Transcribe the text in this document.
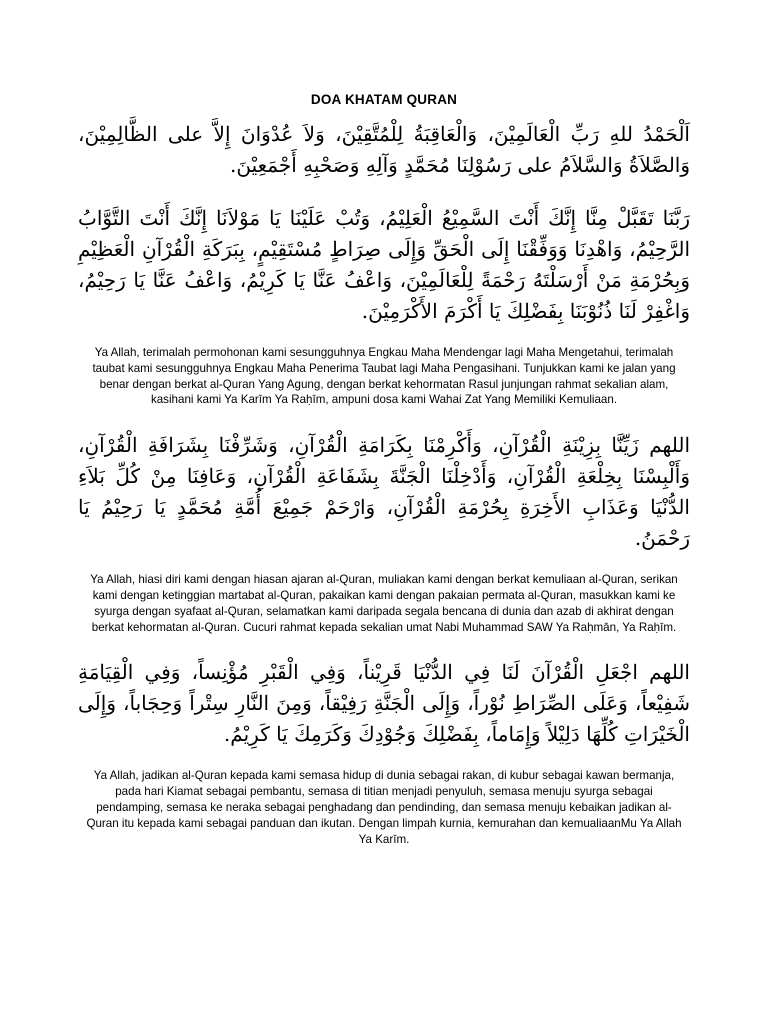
DOA KHATAM QURAN

اَلْحَمْدُ للهِ رَبِّ الْعَالَمِيْنَ، وَالْعَاقِبَةُ لِلْمُتَّقِيْنَ، وَلاَ عُدْوَانَ إِلاَّ على الظَّالِمِيْنَ، وَالصَّلاَةُ وَالسَّلاَمُ على رَسُوْلِنَا مُحَمَّدٍ وَآلِهِ وَصَحْبِهِ أَجْمَعِيْنَ.

رَبَّنَا تَقَبَّلْ مِنَّا إِنَّكَ أَنْتَ السَّمِيْعُ الْعَلِيْمُ، وَتُبْ عَلَيْنَا يَا مَوْلاَنَا إِنَّكَ أَنْتَ التَّوَّابُ الرَّحِيْمُ، وَاهْدِنَا وَوَفِّقْنَا إِلَى الْحَقِّ وَإِلَى صِرَاطٍ مُسْتَقِيْمٍ، بِبَرَكَةِ الْقُرْآنِ الْعَظِيْمِ وَبِحُرْمَةِ مَنْ أَرْسَلْتَهُ رَحْمَةً لِلْعَالَمِيْنَ، وَاعْفُ عَنَّا يَا كَرِيْمُ، وَاعْفُ عَنَّا يَا رَحِيْمُ، وَاغْفِرْ لَنَا ذُنُوْبَنَا بِفَضْلِكَ يَا أَكْرَمَ الأَكْرَمِيْنَ.

Ya Allah, terimalah permohonan kami sesungguhnya Engkau Maha Mendengar lagi Maha Mengetahui, terimalah taubat kami sesungguhnya Engkau Maha Penerima Taubat lagi Maha Pengasihani. Tunjukkan kami ke jalan yang benar dengan berkat al-Quran Yang Agung, dengan berkat kehormatan Rasul junjungan rahmat sekalian alam, kasihani kami Ya Karīm Ya Raḥīm, ampuni dosa kami Wahai Zat Yang Memiliki Kemuliaan.

اللهم زَيِّنَّا بِزِيْنَةِ الْقُرْآنِ، وَأَكْرِمْنَا بِكَرَامَةِ الْقُرْآنِ، وَشَرِّفْنَا بِشَرَافَةِ الْقُرْآنِ، وَأَلْبِسْنَا بِخِلْعَةِ الْقُرْآنِ، وَأَدْخِلْنَا الْجَنَّةَ بِشَفَاعَةِ الْقُرْآنِ، وَعَافِنَا مِنْ كُلِّ بَلاَءِ الدُّنْيَا وَعَذَابِ الأَخِرَةِ بِحُرْمَةِ الْقُرْآنِ، وَارْحَمْ جَمِيْعَ أُمَّةِ مُحَمَّدٍ يَا رَحِيْمُ يَا رَحْمَنُ.

Ya Allah, hiasi diri kami dengan hiasan ajaran al-Quran, muliakan kami dengan berkat kemuliaan al-Quran, serikan kami dengan ketinggian martabat al-Quran, pakaikan kami dengan pakaian permata al-Quran, masukkan kami ke syurga dengan syafaat al-Quran, selamatkan kami daripada segala bencana di dunia dan azab di akhirat dengan berkat kehormatan al-Quran. Cucuri rahmat kepada sekalian umat Nabi Muhammad SAW Ya Raḥmān, Ya Raḥīm.

اللهم اجْعَلِ الْقُرْآنَ لَنَا فِي الدُّنْيَا قَرِيْناً، وَفِي الْقَبْرِ مُؤْنِساً، وَفِي الْقِيَامَةِ شَفِيْعاً، وَعَلَى الصِّرَاطِ نُوْراً، وَإِلَى الْجَنَّةِ رَفِيْقاً، وَمِنَ النَّارِ سِتْراً وَحِجَاباً، وَإِلَى الْخَيْرَاتِ كُلِّهَا دَلِيْلاً وَإِمَاماً، بِفَضْلِكَ وَجُوْدِكَ وَكَرَمِكَ يَا كَرِيْمُ.

Ya Allah, jadikan al-Quran kepada kami semasa hidup di dunia sebagai rakan, di kubur sebagai kawan bermanja, pada hari Kiamat sebagai pembantu, semasa di titian menjadi penyuluh, semasa menuju syurga sebagai pendamping, semasa ke neraka sebagai penghadang dan pendinding, dan semasa menuju kebaikan jadikan al-Quran itu kepada kami sebagai panduan dan ikutan. Dengan limpah kurnia, kemurahan dan kemualiaanMu Ya Allah Ya Karīm.
